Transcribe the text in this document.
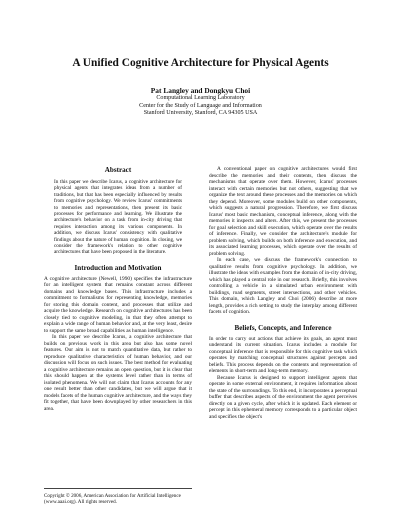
A Unified Cognitive Architecture for Physical Agents
Pat Langley and Dongkyu Choi
Computational Learning Laboratory
Center for the Study of Language and Information
Stanford University, Stanford, CA 94305 USA
Abstract

In this paper we describe Icarus, a cognitive architecture for physical agents that integrates ideas from a number of traditions, but that has been especially influenced by results from cognitive psychology. We review Icarus' commitments to memories and representations, then present its basic processes for performance and learning. We illustrate the architecture's behavior on a task from in-city driving that requires interaction among its various components. In addition, we discuss Icarus' consistency with qualitative findings about the nature of human cognition. In closing, we consider the framework's relation to other cognitive architectures that have been proposed in the literature.

Introduction and Motivation

A cognitive architecture (Newell, 1990) specifies the infrastructure for an intelligent system that remains constant across different domains and knowledge bases. This infrastructure includes a commitment to formalisms for representing knowledge, memories for storing this domain content, and processes that utilize and acquire the knowledge. Research on cognitive architectures has been closely tied to cognitive modeling, in that they often attempt to explain a wide range of human behavior and, at the very least, desire to support the same broad capabilities as human intelligence.

In this paper we describe Icarus, a cognitive architecture that builds on previous work in this area but also has some novel features. Our aim is not to match quantitative data, but rather to reproduce qualitative characteristics of human behavior, and our discussion will focus on such issues. The best method for evaluating a cognitive architecture remains an open question, but it is clear that this should happen at the systems level rather than in terms of isolated phenomena. We will not claim that Icarus accounts for any one result better than other candidates, but we will argue that it models facets of the human cognitive architecture, and the ways they fit together, that have been downplayed by other researchers in this area.

A conventional paper on cognitive architectures would first describe the memories and their contents, then discuss the mechanisms that operate over them. However, Icarus' processes interact with certain memories but not others, suggesting that we organize the text around these processes and the memories on which they depend. Moreover, some modules build on other components, which suggests a natural progression. Therefore, we first discuss Icarus' most basic mechanism, conceptual inference, along with the memories it inspects and alters. After this, we present the processes for goal selection and skill execution, which operate over the results of inference. Finally, we consider the architecture's module for problem solving, which builds on both inference and execution, and its associated learning processes, which operate over the results of problem solving.

In each case, we discuss the framework's connection to qualitative results from cognitive psychology. In addition, we illustrate the ideas with examples from the domain of in-city driving, which has played a central role in our research. Briefly, this involves controlling a vehicle in a simulated urban environment with buildings, road segments, street intersections, and other vehicles. This domain, which Langley and Choi (2006) describe at more length, provides a rich setting to study the interplay among different facets of cognition.

Beliefs, Concepts, and Inference

In order to carry out actions that achieve its goals, an agent must understand its current situation. Icarus includes a module for conceptual inference that is responsible for this cognitive task which operates by matching conceptual structures against percepts and beliefs. This process depends on the contents and representation of elements in short-term and long-term memory.

Because Icarus is designed to support intelligent agents that operate in some external environment, it requires information about the state of the surroundings. To this end, it incorporates a perceptual buffer that describes aspects of the environment the agent perceives directly on a given cycle, after which it is updated. Each element or percept in this ephemeral memory corresponds to a particular object and specifies the object's

Copyright © 2006, American Association for Artificial Intelligence (www.aaai.org). All rights reserved.
